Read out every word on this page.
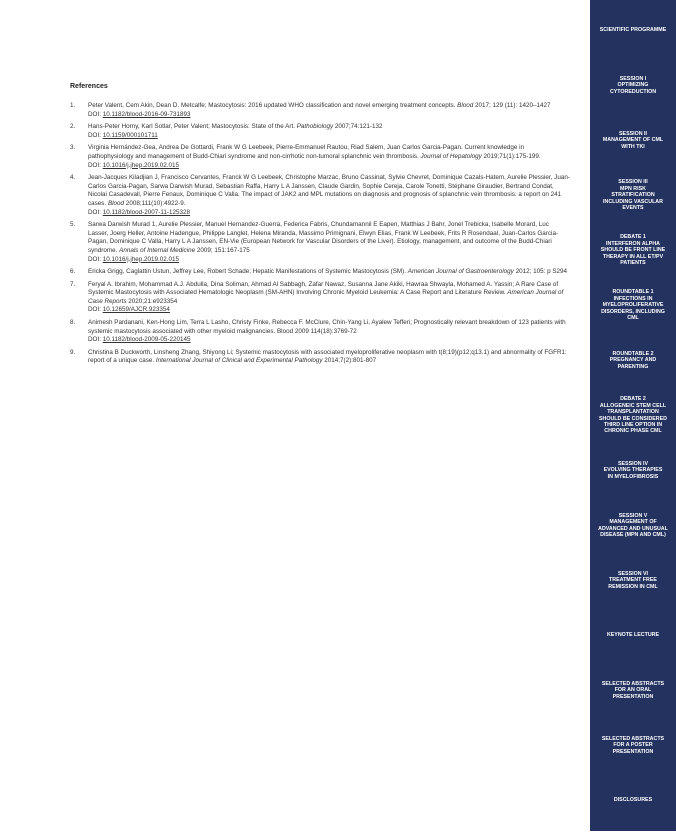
References
1. Peter Valent, Cem Akin, Dean D. Metcalfe; Mastocytosis: 2016 updated WHO classification and novel emerging treatment concepts. Blood 2017; 129 (11): 1420–1427
DOI: 10.1182/blood-2016-09-731893
2. Hans-Peter Horny, Karl Sotlar, Peter Valent; Mastocytosis: State of the Art. Pathobiology 2007;74:121-132
DOI: 10.1159/000101711
3. Virginia Hernández-Gea, Andrea De Gottardi, Frank W G Leebeek, Pierre-Emmanuel Rautou, Riad Salem, Juan Carlos Garcia-Pagan. Current knowledge in pathophysiology and management of Budd-Chiari syndrome and non-cirrhotic non-tumoral splanchnic vein thrombosis. Journal of Hepatology 2019;71(1):175-199.
DOI: 10.1016/j.jhep.2019.02.015
4. Jean-Jacques Kiladjian J, Francisco Cervantes, Franck W G Leebeek, Christophe Marzac, Bruno Cassinat, Sylvie Chevret, Dominique Cazals-Hatem, Aurelie Plessier, Juan-Carlos Garcia-Pagan, Sarwa Darwish Murad, Sebastian Raffa, Harry L A Janssen, Claude Gardin, Sophie Cereja, Carole Tonetti, Stéphane Giraudier, Bertrand Condat, Nicolai Casadevall, Pierre Fenaux, Dominique C Valla. The impact of JAK2 and MPL mutations on diagnosis and prognosis of splanchnic vein thrombosis: a report on 241 cases. Blood 2008;111(10):4922-9.
DOI: 10.1182/blood-2007-11-125328
5. Sarwa Darwish Murad 1, Aurelie Plessier, Manuel Hernandez-Guerra, Federica Fabris, Chundamannil E Eapen, Matthias J Bahr, Jonel Trebicka, Isabelle Morard, Luc Lasser, Joerg Heller, Antoine Hadengue, Philippe Langlet, Helena Miranda, Massimo Primignani, Elwyn Elias, Frank W Leebeek, Frits R Rosendaal, Juan-Carlos Garcia-Pagan, Dominique C Valla, Harry L A Janssen, EN-Vie (European Network for Vascular Disorders of the Liver). Etiology, management, and outcome of the Budd-Chiari syndrome. Annals of Internal Medicine 2009; 151:167-175
DOI: 10.1016/j.jhep.2019.02.015
6. Ericka Grigg, Caglattin Ustun, Jeffrey Lee, Robert Schade; Hepatic Manifestations of Systemic Mastocytosis (SM). American Journal of Gastroenterology 2012; 105: p S294
7. Feryal A. Ibrahim, Mohammad A.J. Abdulla, Dina Soliman, Ahmad Al Sabbagh, Zafar Nawaz, Susanna Jane Akiki, Hawraa Shwayla, Mohamed A. Yassin; A Rare Case of Systemic Mastocytosis with Associated Hematologic Neoplasm (SM-AHN) Involving Chronic Myeloid Leukemia: A Case Report and Literature Review. American Journal of Case Reports 2020;21:e923354
DOI: 10.12659/AJCR.923354
8. Animesh Pardanani, Ken-Hong Lim, Terra L Lasho, Christy Finke, Rebecca F. McClure, Chin-Yang Li, Ayalew Tefferi; Prognostically relevant breakdown of 123 patients with systemic mastocytosis associated with other myeloid malignancies. Blood 2009 114(18):3769-72
DOI: 10.1182/blood-2009-05-220145
9. Christina B Duckworth, Linsheng Zhang, Shiyong Li; Systemic mastocytosis with associated myeloproliferative neoplasm with t(8;19)(p12;q13.1) and abnormality of FGFR1: report of a unique case. International Journal of Clinical and Experimental Pathology 2014;7(2):801-807
SCIENTIFIC PROGRAMME
SESSION I
OPTIMIZING
CYTOREDUCTION
SESSION II
MANAGEMENT OF CML
WITH TKI
SESSION III
MPN RISK
STRATIFICATION
INCLUDING VASCULAR
EVENTS
DEBATE 1
INTERFERON ALPHA
SHOULD BE FRONT LINE
THERAPY IN ALL ET/PV
PATIENTS
ROUNDTABLE 1
INFECTIONS IN
MYELOPROLIFERATIVE
DISORDERS, INCLUDING
CML
ROUNDTABLE 2
PREGNANCY AND
PARENTING
DEBATE 2
ALLOGENEIC STEM CELL
TRANSPLANTATION
SHOULD BE CONSIDERED
THIRD LINE OPTION IN
CHRONIC PHASE CML
SESSION IV
EVOLVING THERAPIES
IN MYELOFIBROSIS
SESSION V
MANAGEMENT OF
ADVANCED AND UNUSUAL
DISEASE (MPN AND CML)
SESSION VI
TREATMENT FREE
REMISSION IN CML
KEYNOTE LECTURE
SELECTED ABSTRACTS
FOR AN ORAL
PRESENTATION
SELECTED ABSTRACTS
FOR A POSTER
PRESENTATION
DISCLOSURES
